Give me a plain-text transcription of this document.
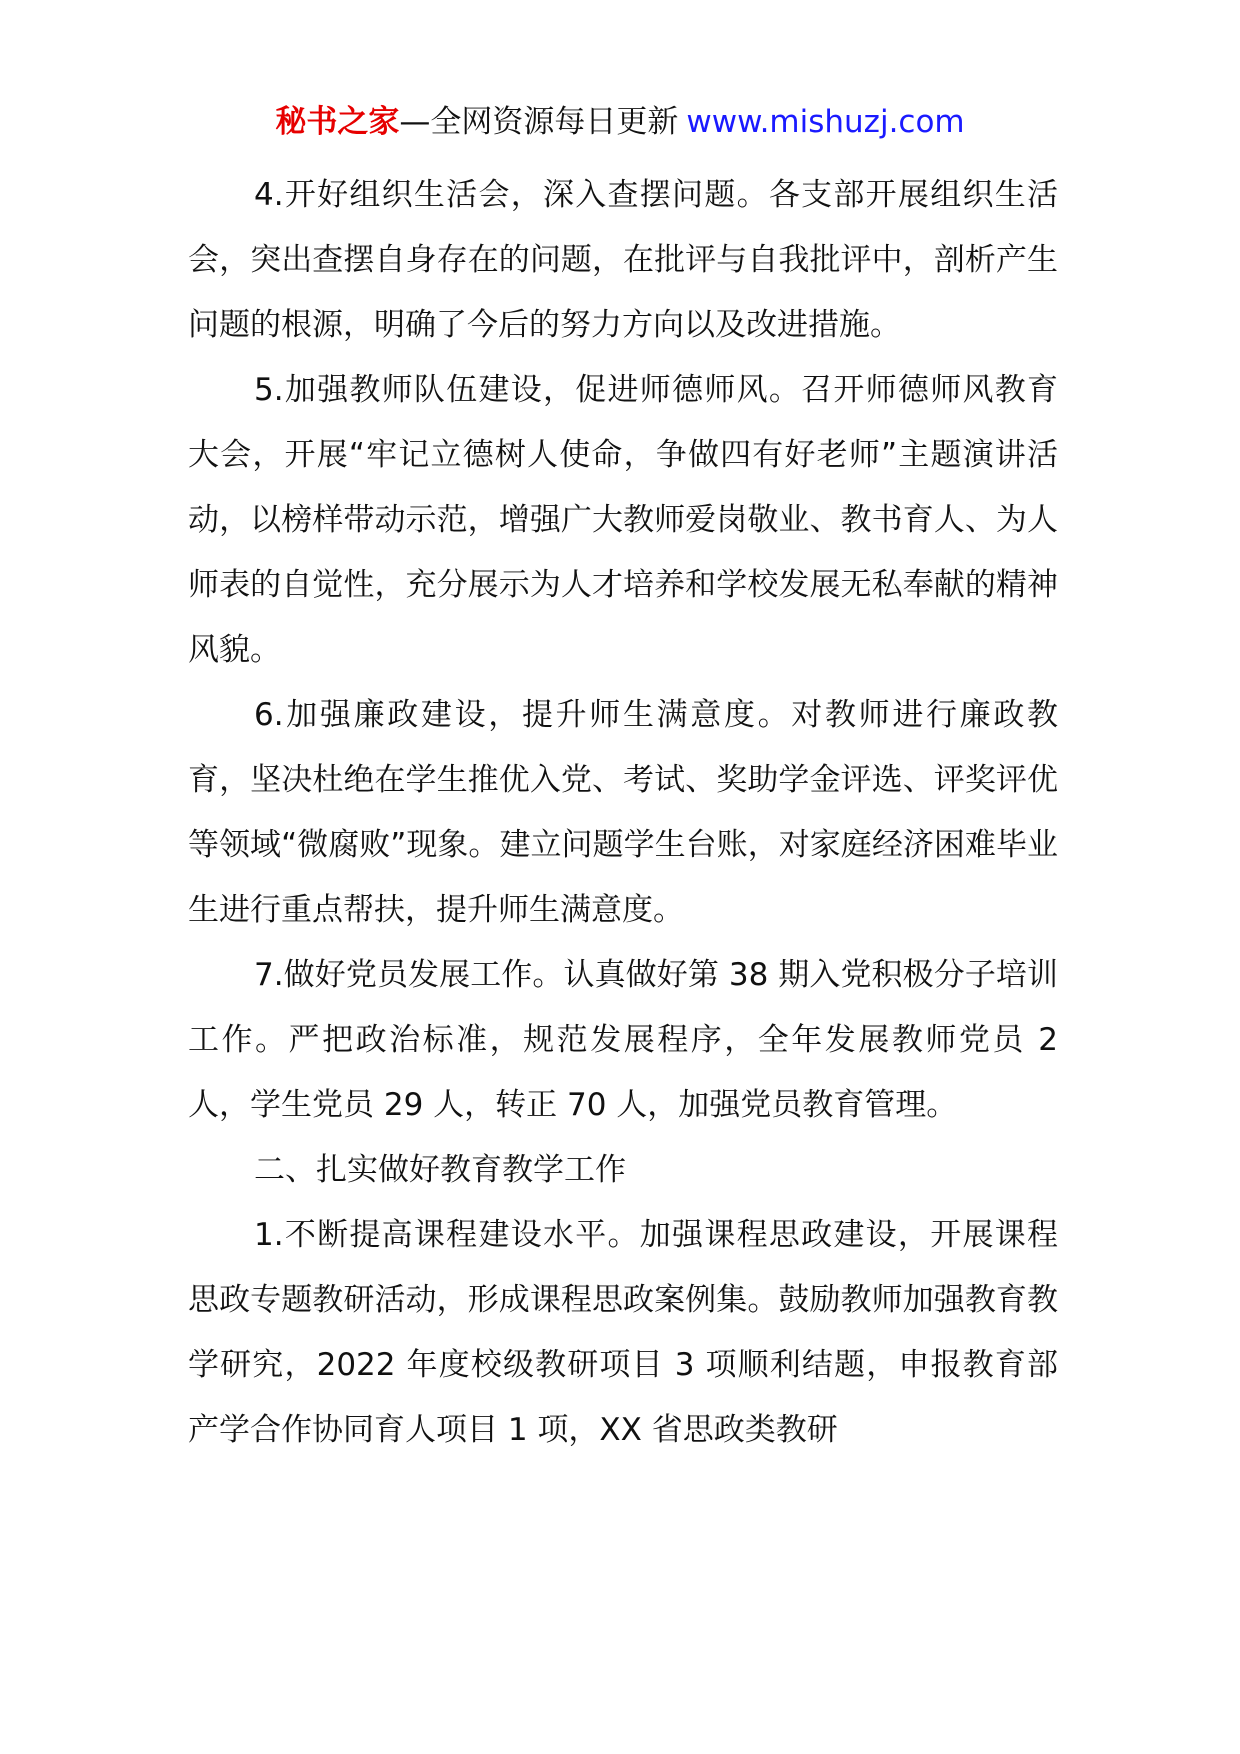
秘书之家—全网资源每日更新 www.mishuzj.com

4.开好组织生活会，深入查摆问题。各支部开展组织生活会，突出查摆自身存在的问题，在批评与自我批评中，剖析产生问题的根源，明确了今后的努力方向以及改进措施。

5.加强教师队伍建设，促进师德师风。召开师德师风教育大会，开展“牢记立德树人使命，争做四有好老师”主题演讲活动，以榜样带动示范，增强广大教师爱岗敬业、教书育人、为人师表的自觉性，充分展示为人才培养和学校发展无私奉献的精神风貌。

6.加强廉政建设，提升师生满意度。对教师进行廉政教育，坚决杜绝在学生推优入党、考试、奖助学金评选、评奖评优等领域“微腐败”现象。建立问题学生台账，对家庭经济困难毕业生进行重点帮扶，提升师生满意度。

7.做好党员发展工作。认真做好第 38 期入党积极分子培训工作。严把政治标准，规范发展程序，全年发展教师党员 2 人，学生党员 29 人，转正 70 人，加强党员教育管理。

二、扎实做好教育教学工作

1.不断提高课程建设水平。加强课程思政建设，开展课程思政专题教研活动，形成课程思政案例集。鼓励教师加强教育教学研究，2022 年度校级教研项目 3 项顺利结题，申报教育部产学合作协同育人项目 1 项，XX 省思政类教研
